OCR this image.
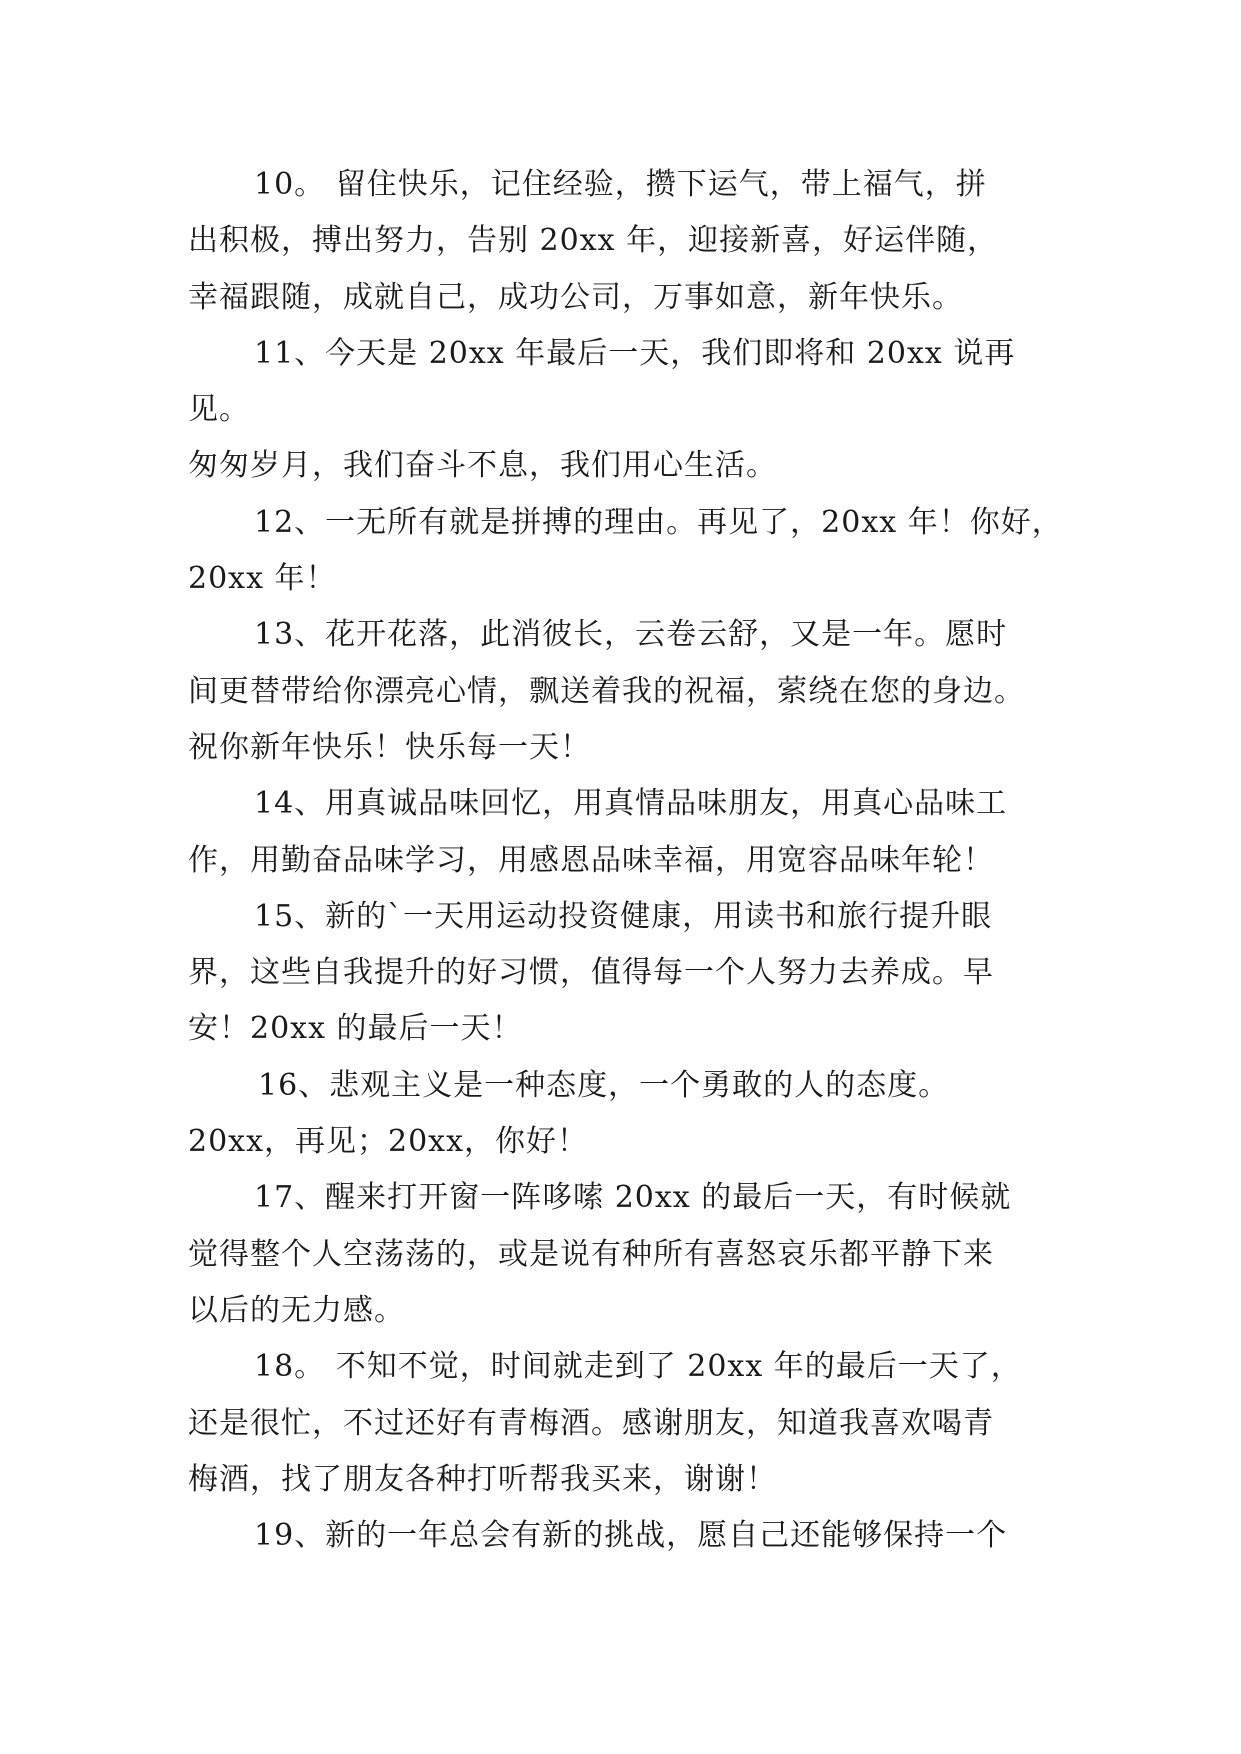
10。 留住快乐，记住经验，攒下运气，带上福气，拼
出积极，搏出努力，告别 20xx 年，迎接新喜，好运伴随，
幸福跟随，成就自己，成功公司，万事如意，新年快乐。

11、今天是 20xx 年最后一天，我们即将和 20xx 说再见。
匆匆岁月，我们奋斗不息，我们用心生活。

12、一无所有就是拼搏的理由。再见了，20xx 年！你好，
20xx 年！

13、花开花落，此消彼长，云卷云舒，又是一年。愿时
间更替带给你漂亮心情，飘送着我的祝福，萦绕在您的身边。
祝你新年快乐！快乐每一天！

14、用真诚品味回忆，用真情品味朋友，用真心品味工
作，用勤奋品味学习，用感恩品味幸福，用宽容品味年轮！

15、新的`一天用运动投资健康，用读书和旅行提升眼
界，这些自我提升的好习惯，值得每一个人努力去养成。早
安！20xx 的最后一天！

16、悲观主义是一种态度，一个勇敢的人的态度。
20xx，再见；20xx，你好！

17、醒来打开窗一阵哆嗦 20xx 的最后一天，有时候就
觉得整个人空荡荡的，或是说有种所有喜怒哀乐都平静下来
以后的无力感。

18。 不知不觉，时间就走到了 20xx 年的最后一天了，
还是很忙，不过还好有青梅酒。感谢朋友，知道我喜欢喝青
梅酒，找了朋友各种打听帮我买来，谢谢！

19、新的一年总会有新的挑战，愿自己还能够保持一个
